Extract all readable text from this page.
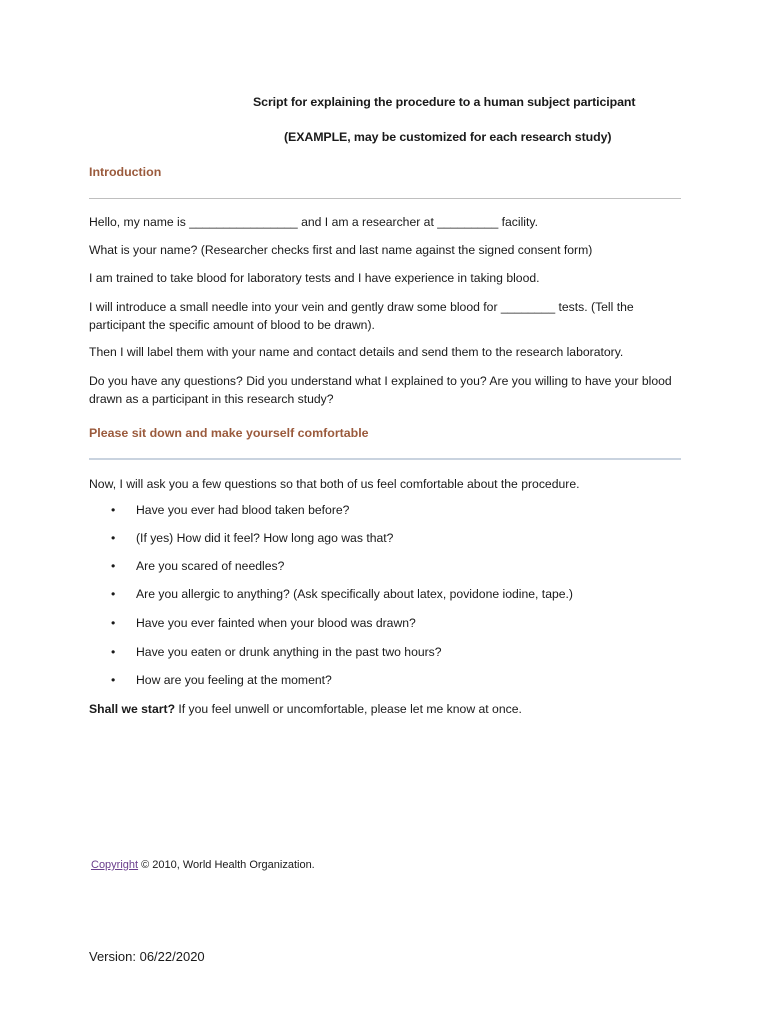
Script for explaining the procedure to a human subject participant
(EXAMPLE, may be customized for each research study)
Introduction
Hello, my name is ________________ and I am a researcher at _________ facility.
What is your name? (Researcher checks first and last name against the signed consent form)
I am trained to take blood for laboratory tests and I have experience in taking blood.
I will introduce a small needle into your vein and gently draw some blood for ________ tests. (Tell the participant the specific amount of blood to be drawn).
Then I will label them with your name and contact details and send them to the research laboratory.
Do you have any questions? Did you understand what I explained to you? Are you willing to have your blood drawn as a participant in this research study?
Please sit down and make yourself comfortable
Now, I will ask you a few questions so that both of us feel comfortable about the procedure.
• Have you ever had blood taken before?
• (If yes) How did it feel? How long ago was that?
• Are you scared of needles?
• Are you allergic to anything? (Ask specifically about latex, povidone iodine, tape.)
• Have you ever fainted when your blood was drawn?
• Have you eaten or drunk anything in the past two hours?
• How are you feeling at the moment?
Shall we start? If you feel unwell or uncomfortable, please let me know at once.
Copyright © 2010, World Health Organization.
Version: 06/22/2020
